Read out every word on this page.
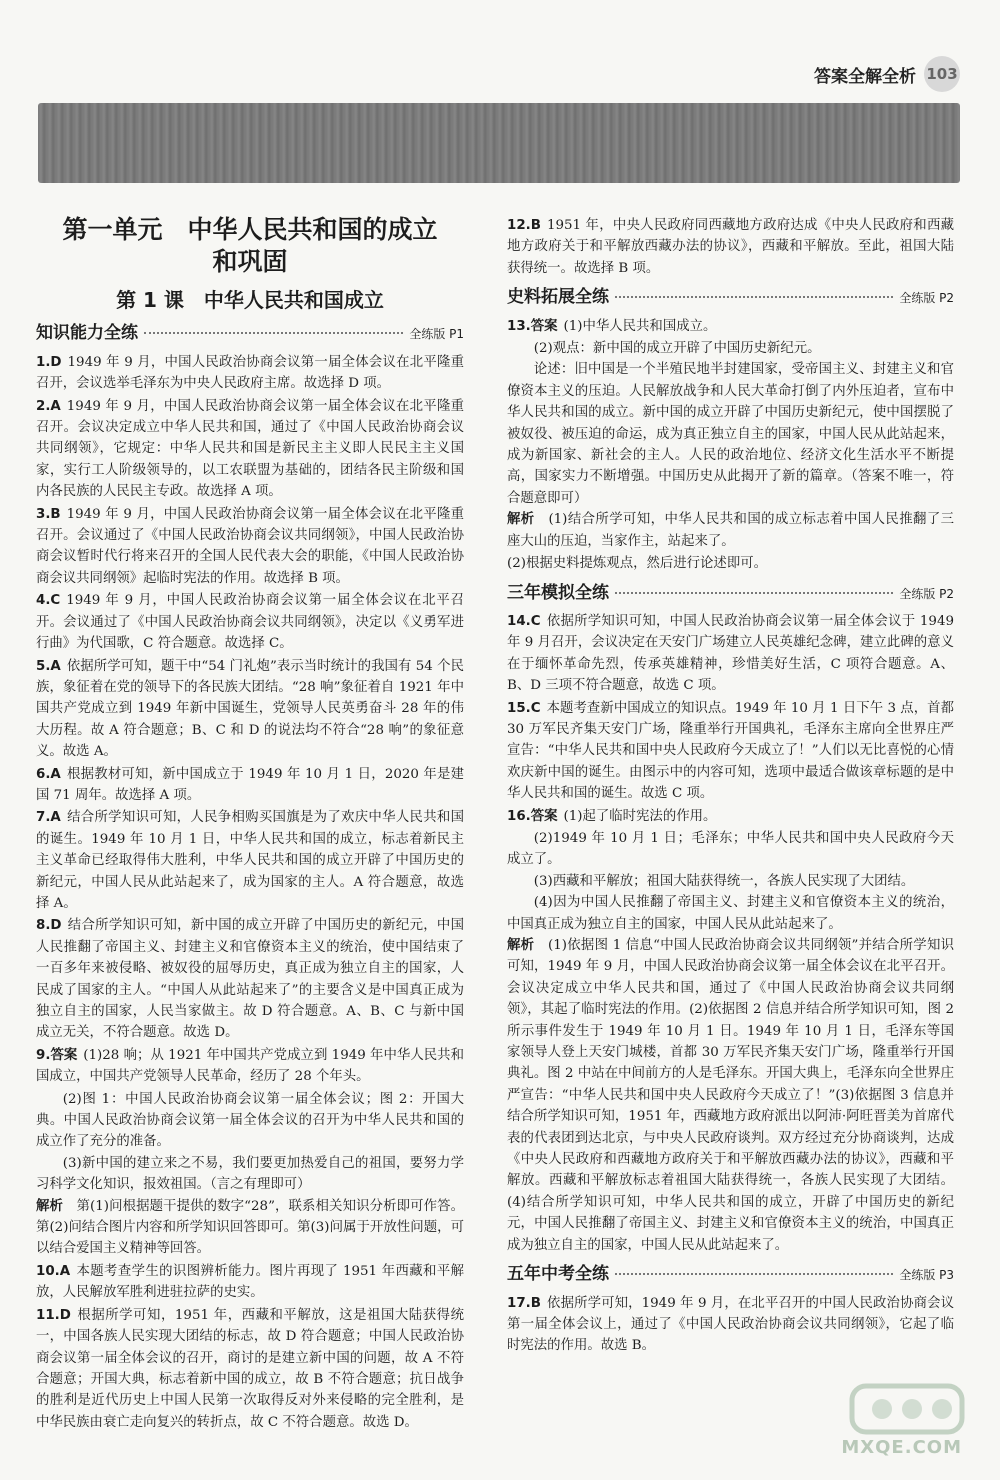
答案全解全析 103
第一单元　中华人民共和国的成立
和巩固
第 1 课　中华人民共和国成立
知识能力全练	全练版 P1
1.D 1949 年 9 月，中国人民政治协商会议第一届全体会议在北平隆重召开，会议选举毛泽东为中央人民政府主席。故选择 D 项。
2.A 1949 年 9 月，中国人民政治协商会议第一届全体会议在北平隆重召开。会议决定成立中华人民共和国，通过了《中国人民政治协商会议共同纲领》，它规定：中华人民共和国是新民主主义即人民民主主义国家，实行工人阶级领导的，以工农联盟为基础的，团结各民主阶级和国内各民族的人民民主专政。故选择 A 项。
3.B 1949 年 9 月，中国人民政治协商会议第一届全体会议在北平隆重召开。会议通过了《中国人民政治协商会议共同纲领》，中国人民政治协商会议暂时代行将来召开的全国人民代表大会的职能，《中国人民政治协商会议共同纲领》起临时宪法的作用。故选择 B 项。
4.C 1949 年 9 月，中国人民政治协商会议第一届全体会议在北平召开。会议通过了《中国人民政治协商会议共同纲领》，决定以《义勇军进行曲》为代国歌，C 符合题意。故选择 C。
5.A 依据所学可知，题干中“54 门礼炮”表示当时统计的我国有 54 个民族，象征着在党的领导下的各民族大团结。“28 响”象征着自 1921 年中国共产党成立到 1949 年新中国诞生，党领导人民英勇奋斗 28 年的伟大历程。故 A 符合题意；B、C 和 D 的说法均不符合“28 响”的象征意义。故选 A。
6.A 根据教材可知，新中国成立于 1949 年 10 月 1 日，2020 年是建国 71 周年。故选择 A 项。
7.A 结合所学知识可知，人民争相购买国旗是为了欢庆中华人民共和国的诞生。1949 年 10 月 1 日，中华人民共和国的成立，标志着新民主主义革命已经取得伟大胜利，中华人民共和国的成立开辟了中国历史的新纪元，中国人民从此站起来了，成为国家的主人。A 符合题意，故选择 A。
8.D 结合所学知识可知，新中国的成立开辟了中国历史的新纪元，中国人民推翻了帝国主义、封建主义和官僚资本主义的统治，使中国结束了一百多年来被侵略、被奴役的屈辱历史，真正成为独立自主的国家，人民成了国家的主人。“中国人从此站起来了”的主要含义是中国真正成为独立自主的国家，人民当家做主。故 D 符合题意。A、B、C 与新中国成立无关，不符合题意。故选 D。
9.答案 (1)28 响；从 1921 年中国共产党成立到 1949 年中华人民共和国成立，中国共产党领导人民革命，经历了 28 个年头。
(2)图 1：中国人民政治协商会议第一届全体会议；图 2：开国大典。中国人民政治协商会议第一届全体会议的召开为中华人民共和国的成立作了充分的准备。
(3)新中国的建立来之不易，我们要更加热爱自己的祖国，要努力学习科学文化知识，报效祖国。（言之有理即可）
解析　 第(1)问根据题干提供的数字“28”，联系相关知识分析即可作答。第(2)问结合图片内容和所学知识回答即可。第(3)问属于开放性问题，可以结合爱国主义精神等回答。
10.A 本题考查学生的识图辨析能力。图片再现了 1951 年西藏和平解放，人民解放军胜利进驻拉萨的史实。
11.D 根据所学可知，1951 年，西藏和平解放，这是祖国大陆获得统一，中国各族人民实现大团结的标志，故 D 符合题意；中国人民政治协商会议第一届全体会议的召开，商讨的是建立新中国的问题，故 A 不符合题意；开国大典，标志着新中国的成立，故 B 不符合题意；抗日战争的胜利是近代历史上中国人民第一次取得反对外来侵略的完全胜利，是中华民族由衰亡走向复兴的转折点，故 C 不符合题意。故选 D。
12.B 1951 年，中央人民政府同西藏地方政府达成《中央人民政府和西藏地方政府关于和平解放西藏办法的协议》，西藏和平解放。至此，祖国大陆获得统一。故选择 B 项。
史料拓展全练	全练版 P2
13.答案 (1)中华人民共和国成立。
(2)观点：新中国的成立开辟了中国历史新纪元。
论述：旧中国是一个半殖民地半封建国家，受帝国主义、封建主义和官僚资本主义的压迫。人民解放战争和人民大革命打倒了内外压迫者，宣布中华人民共和国的成立。新中国的成立开辟了中国历史新纪元，使中国摆脱了被奴役、被压迫的命运，成为真正独立自主的国家，中国人民从此站起来，成为新国家、新社会的主人。人民的政治地位、经济文化生活水平不断提高，国家实力不断增强。中国历史从此揭开了新的篇章。（答案不唯一，符合题意即可）
解析　 (1)结合所学可知，中华人民共和国的成立标志着中国人民推翻了三座大山的压迫，当家作主，站起来了。
(2)根据史料提炼观点，然后进行论述即可。
三年模拟全练	全练版 P2
14.C 依据所学知识可知，中国人民政治协商会议第一届全体会议于 1949 年 9 月召开，会议决定在天安门广场建立人民英雄纪念碑，建立此碑的意义在于缅怀革命先烈，传承英雄精神，珍惜美好生活，C 项符合题意。A、B、D 三项不符合题意，故选 C 项。
15.C 本题考查新中国成立的知识点。1949 年 10 月 1 日下午 3 点，首都 30 万军民齐集天安门广场，隆重举行开国典礼，毛泽东主席向全世界庄严宣告：“中华人民共和国中央人民政府今天成立了！”人们以无比喜悦的心情欢庆新中国的诞生。由图示中的内容可知，选项中最适合做该章标题的是中华人民共和国的诞生。故选 C 项。
16.答案 (1)起了临时宪法的作用。
(2)1949 年 10 月 1 日；毛泽东；中华人民共和国中央人民政府今天成立了。
(3)西藏和平解放；祖国大陆获得统一，各族人民实现了大团结。
(4)因为中国人民推翻了帝国主义、封建主义和官僚资本主义的统治，中国真正成为独立自主的国家，中国人民从此站起来了。
解析　 (1)依据图 1 信息“中国人民政治协商会议共同纲领”并结合所学知识可知，1949 年 9 月，中国人民政治协商会议第一届全体会议在北平召开。会议决定成立中华人民共和国，通过了《中国人民政治协商会议共同纲领》，其起了临时宪法的作用。(2)依据图 2 信息并结合所学知识可知，图 2 所示事件发生于 1949 年 10 月 1 日。1949 年 10 月 1 日，毛泽东等国家领导人登上天安门城楼，首都 30 万军民齐集天安门广场，隆重举行开国典礼。图 2 中站在中间前方的人是毛泽东。开国大典上，毛泽东向全世界庄严宣告：“中华人民共和国中央人民政府今天成立了！”(3)依据图 3 信息并结合所学知识可知，1951 年，西藏地方政府派出以阿沛·阿旺晋美为首席代表的代表团到达北京，与中央人民政府谈判。双方经过充分协商谈判，达成《中央人民政府和西藏地方政府关于和平解放西藏办法的协议》，西藏和平解放。西藏和平解放标志着祖国大陆获得统一，各族人民实现了大团结。(4)结合所学知识可知，中华人民共和国的成立，开辟了中国历史的新纪元，中国人民推翻了帝国主义、封建主义和官僚资本主义的统治，中国真正成为独立自主的国家，中国人民从此站起来了。
五年中考全练	全练版 P3
17.B 依据所学可知，1949 年 9 月，在北平召开的中国人民政治协商会议第一届全体会议上，通过了《中国人民政治协商会议共同纲领》，它起了临时宪法的作用。故选 B。
MXQE.COM
